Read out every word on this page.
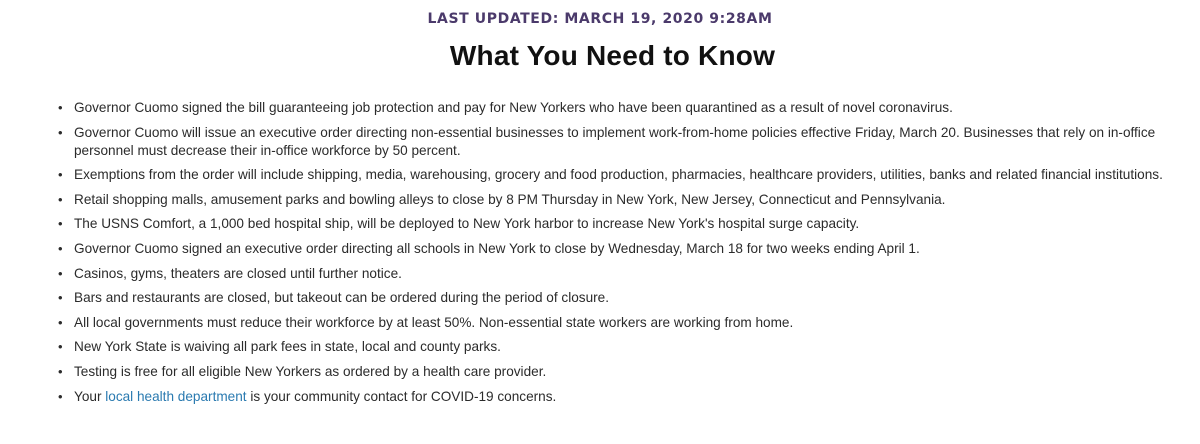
LAST UPDATED: MARCH 19, 2020 9:28AM
What You Need to Know
• Governor Cuomo signed the bill guaranteeing job protection and pay for New Yorkers who have been quarantined as a result of novel coronavirus.
• Governor Cuomo will issue an executive order directing non-essential businesses to implement work-from-home policies effective Friday, March 20. Businesses that rely on in-office personnel must decrease their in-office workforce by 50 percent.
• Exemptions from the order will include shipping, media, warehousing, grocery and food production, pharmacies, healthcare providers, utilities, banks and related financial institutions.
• Retail shopping malls, amusement parks and bowling alleys to close by 8 PM Thursday in New York, New Jersey, Connecticut and Pennsylvania.
• The USNS Comfort, a 1,000 bed hospital ship, will be deployed to New York harbor to increase New York's hospital surge capacity.
• Governor Cuomo signed an executive order directing all schools in New York to close by Wednesday, March 18 for two weeks ending April 1.
• Casinos, gyms, theaters are closed until further notice.
• Bars and restaurants are closed, but takeout can be ordered during the period of closure.
• All local governments must reduce their workforce by at least 50%. Non-essential state workers are working from home.
• New York State is waiving all park fees in state, local and county parks.
• Testing is free for all eligible New Yorkers as ordered by a health care provider.
• Your local health department is your community contact for COVID-19 concerns.
